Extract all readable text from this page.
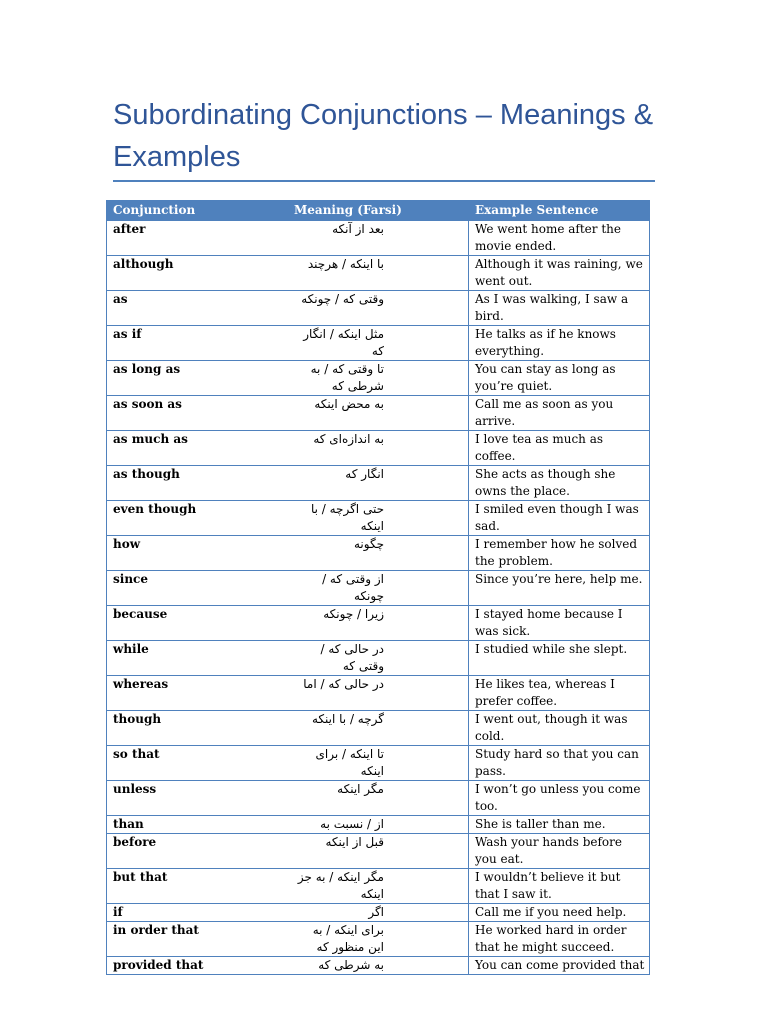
Subordinating Conjunctions – Meanings & Examples
Conjunction	Meaning (Farsi)	Example Sentence
after	بعد از آنکه	We went home after the movie ended.
although	با اینکه / هرچند	Although it was raining, we went out.
as	وقتی که / چونکه	As I was walking, I saw a bird.
as if	مثل اینکه / انگار که	He talks as if he knows everything.
as long as	تا وقتی که / به شرطی که	You can stay as long as you’re quiet.
as soon as	به محض اینکه	Call me as soon as you arrive.
as much as	به اندازه‌ای که	I love tea as much as coffee.
as though	انگار که	She acts as though she owns the place.
even though	حتی اگرچه / با اینکه	I smiled even though I was sad.
how	چگونه	I remember how he solved the problem.
since	از وقتی که / چونکه	Since you’re here, help me.
because	زیرا / چونکه	I stayed home because I was sick.
while	در حالی که / وقتی که	I studied while she slept.
whereas	در حالی که / اما	He likes tea, whereas I prefer coffee.
though	گرچه / با اینکه	I went out, though it was cold.
so that	تا اینکه / برای اینکه	Study hard so that you can pass.
unless	مگر اینکه	I won’t go unless you come too.
than	از / نسبت به	She is taller than me.
before	قبل از اینکه	Wash your hands before you eat.
but that	مگر اینکه / به جز اینکه	I wouldn’t believe it but that I saw it.
if	اگر	Call me if you need help.
in order that	برای اینکه / به این منظور که	He worked hard in order that he might succeed.
provided that	به شرطی که	You can come provided that
